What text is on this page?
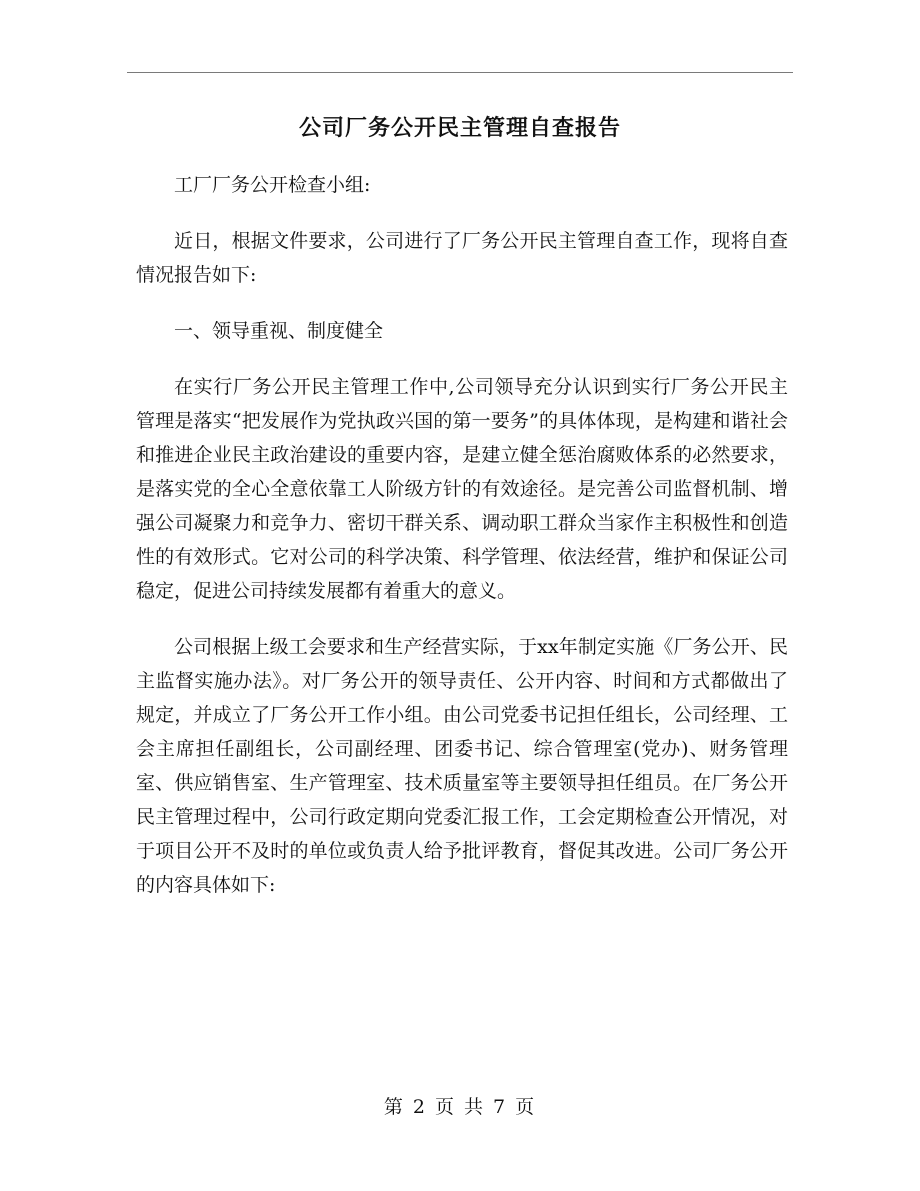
公司厂务公开民主管理自查报告

工厂厂务公开检查小组:

近日，根据文件要求，公司进行了厂务公开民主管理自查工作，现将自查情况报告如下:

一、领导重视、制度健全

在实行厂务公开民主管理工作中,公司领导充分认识到实行厂务公开民主管理是落实“把发展作为党执政兴国的第一要务”的具体体现，是构建和谐社会和推进企业民主政治建设的重要内容，是建立健全惩治腐败体系的必然要求，是落实党的全心全意依靠工人阶级方针的有效途径。是完善公司监督机制、增强公司凝聚力和竞争力、密切干群关系、调动职工群众当家作主积极性和创造性的有效形式。它对公司的科学决策、科学管理、依法经营，维护和保证公司稳定，促进公司持续发展都有着重大的意义。

公司根据上级工会要求和生产经营实际，于xx年制定实施《厂务公开、民主监督实施办法》。对厂务公开的领导责任、公开内容、时间和方式都做出了规定，并成立了厂务公开工作小组。由公司党委书记担任组长，公司经理、工会主席担任副组长，公司副经理、团委书记、综合管理室(党办)、财务管理室、供应销售室、生产管理室、技术质量室等主要领导担任组员。在厂务公开民主管理过程中，公司行政定期向党委汇报工作，工会定期检查公开情况，对于项目公开不及时的单位或负责人给予批评教育，督促其改进。公司厂务公开的内容具体如下:

第 2 页 共 7 页
